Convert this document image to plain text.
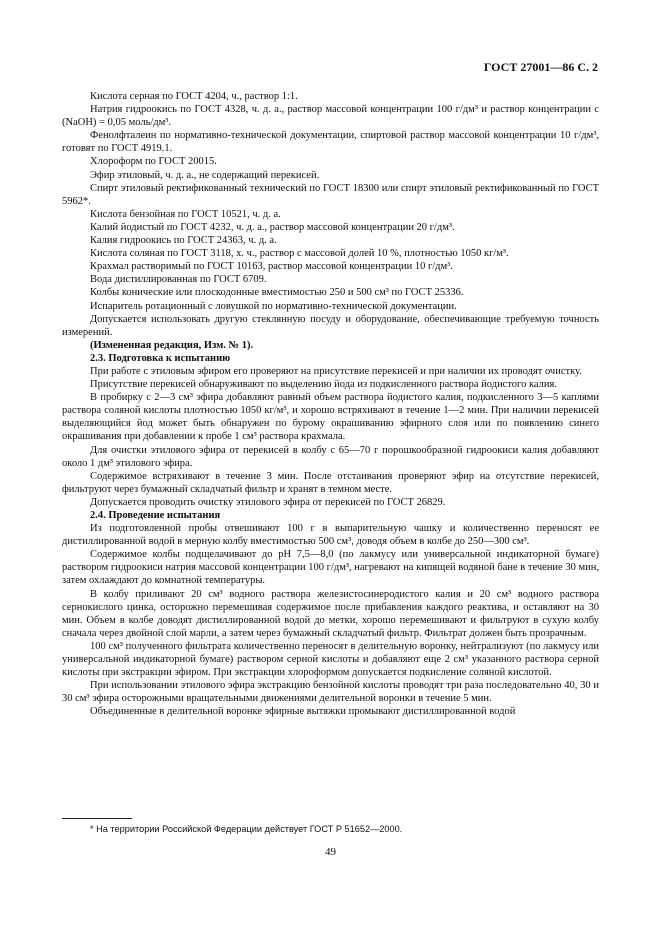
ГОСТ 27001—86 С. 2

Кислота серная по ГОСТ 4204, ч., раствор 1:1.

Натрия гидроокись по ГОСТ 4328, ч. д. а., раствор массовой концентрации 100 г/дм³ и раствор концентрации c (NaOH) = 0,05 моль/дм³.

Фенолфталеин по нормативно-технической документации, спиртовой раствор массовой концентрации 10 г/дм³, готовят по ГОСТ 4919.1.

Хлороформ по ГОСТ 20015.

Эфир этиловый, ч. д. а., не содержащий перекисей.

Спирт этиловый ректификованный технический по ГОСТ 18300 или спирт этиловый ректификованный по ГОСТ 5962*.

Кислота бензойная по ГОСТ 10521, ч. д. а.

Калий йодистый по ГОСТ 4232, ч. д. а., раствор массовой концентрации 20 г/дм³.

Калия гидроокись по ГОСТ 24363, ч. д. а.

Кислота соляная по ГОСТ 3118, х. ч., раствор с массовой долей 10 %, плотностью 1050 кг/м³.

Крахмал растворимый по ГОСТ 10163, раствор массовой концентрации 10 г/дм³.

Вода дистиллированная по ГОСТ 6709.

Колбы конические или плоскодонные вместимостью 250 и 500 см³ по ГОСТ 25336.

Испаритель ротационный с ловушкой по нормативно-технической документации.

Допускается использовать другую стеклянную посуду и оборудование, обеспечивающие требуемую точность измерений.

(Измененная редакция, Изм. № 1).

2.3. Подготовка к испытанию

При работе с этиловым эфиром его проверяют на присутствие перекисей и при наличии их проводят очистку.

Присутствие перекисей обнаруживают по выделению йода из подкисленного раствора йодистого калия.

В пробирку с 2—3 см³ эфира добавляют равный объем раствора йодистого калия, подкисленного 3—5 каплями раствора соляной кислоты плотностью 1050 кг/м³, и хорошо встряхивают в течение 1—2 мин. При наличии перекисей выделяющийся йод может быть обнаружен по бурому окрашиванию эфирного слоя или по появлению синего окрашивания при добавлении к пробе 1 см³ раствора крахмала.

Для очистки этилового эфира от перекисей в колбу с 65—70 г порошкообразной гидроокиси калия добавляют около 1 дм³ этилового эфира.

Содержимое встряхивают в течение 3 мин. После отстаивания проверяют эфир на отсутствие перекисей, фильтруют через бумажный складчатый фильтр и хранят в темном месте.

Допускается проводить очистку этилового эфира от перекисей по ГОСТ 26829.

2.4. Проведение испытания

Из подготовленной пробы отвешивают 100 г в выпарительную чашку и количественно переносят ее дистиллированной водой в мерную колбу вместимостью 500 см³, доводя объем в колбе до 250—300 см³.

Содержимое колбы подщелачивают до pH 7,5—8,0 (по лакмусу или универсальной индикаторной бумаге) раствором гидроокиси натрия массовой концентрации 100 г/дм³, нагревают на кипящей водяной бане в течение 30 мин, затем охлаждают до комнатной температуры.

В колбу приливают 20 см³ водного раствора железистосинеродистого калия и 20 см³ водного раствора сернокислого цинка, осторожно перемешивая содержимое после прибавления каждого реактива, и оставляют на 30 мин. Объем в колбе доводят дистиллированной водой до метки, хорошо перемешивают и фильтруют в сухую колбу сначала через двойной слой марли, а затем через бумажный складчатый фильтр. Фильтрат должен быть прозрачным.

100 см³ полученного фильтрата количественно переносят в делительную воронку, нейтрализуют (по лакмусу или универсальной индикаторной бумаге) раствором серной кислоты и добавляют еще 2 см³ указанного раствора серной кислоты при экстракции эфиром. При экстракции хлороформом допускается подкисление соляной кислотой.

При использовании этилового эфира экстракцию бензойной кислоты проводят три раза последовательно 40, 30 и 30 см³ эфира осторожными вращательными движениями делительной воронки в течение 5 мин.

Объединенные в делительной воронке эфирные вытяжки промывают дистиллированной водой

* На территории Российской Федерации действует ГОСТ Р 51652—2000.
49
